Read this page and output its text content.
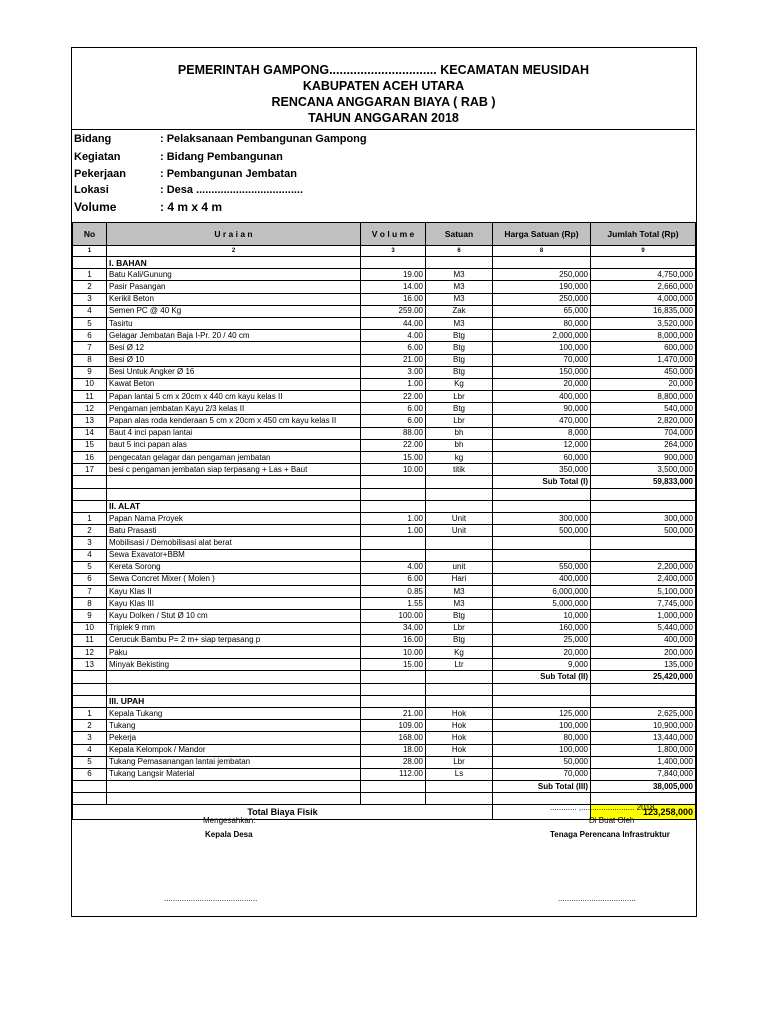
PEMERINTAH GAMPONG............................... KECAMATAN MEUSIDAH
KABUPATEN ACEH UTARA
RENCANA ANGGARAN BIAYA ( RAB )
TAHUN ANGGARAN 2018
Bidang	: Pelaksanaan Pembangunan Gampong
Kegiatan	: Bidang Pembangunan
Pekerjaan	: Pembangunan Jembatan
Lokasi	: Desa ...................................
Volume	: 4 m x 4 m
No	U r a i a n	V o l u m e	Satuan	Harga Satuan (Rp)	Jumlah Total (Rp)
1	2	3	6	8	9
	I. BAHAN				
1	Batu Kali/Gunung	19.00	M3	250,000	4,750,000
2	Pasir Pasangan	14.00	M3	190,000	2,660,000
3	Kerikil Beton	16.00	M3	250,000	4,000,000
4	Semen PC @ 40 Kg	259.00	Zak	65,000	16,835,000
5	Tasirtu	44.00	M3	80,000	3,520,000
6	Gelagar Jembatan Baja I-Pr. 20 / 40 cm	4.00	Btg	2,000,000	8,000,000
7	Besi Ø 12	6.00	Btg	100,000	600,000
8	Besi Ø 10	21.00	Btg	70,000	1,470,000
9	Besi Untuk Angker Ø 16	3.00	Btg	150,000	450,000
10	Kawat Beton	1.00	Kg	20,000	20,000
11	Papan lantai 5 cm x 20cm x 440 cm kayu kelas II	22.00	Lbr	400,000	8,800,000
12	Pengaman jembatan Kayu 2/3 kelas II	6.00	Btg	90,000	540,000
13	Papan alas roda kenderaan 5 cm x 20cm x 450 cm kayu kelas II	6.00	Lbr	470,000	2,820,000
14	Baut 4 inci papan lantai	88.00	bh	8,000	704,000
15	baut 5 inci papan alas	22.00	bh	12,000	264,000
16	pengecatan gelagar dan pengaman jembatan	15.00	kg	60,000	900,000
17	besi c pengaman jembatan siap terpasang + Las + Baut	10.00	titik	350,000	3,500,000
				Sub Total (I)	59,833,000

	II. ALAT				
1	Papan Nama Proyek	1.00	Unit	300,000	300,000
2	Batu Prasasti	1.00	Unit	500,000	500,000
3	Mobilisasi / Demobilisasi alat berat				
4	Sewa Exavator+BBM				
5	Kereta Sorong	4.00	unit	550,000	2,200,000
6	Sewa Concret Mixer ( Molen )	6.00	Hari	400,000	2,400,000
7	Kayu Klas II	0.85	M3	6,000,000	5,100,000
8	Kayu Klas III	1.55	M3	5,000,000	7,745,000
9	Kayu Dolken / Stut Ø 10 cm	100.00	Btg	10,000	1,000,000
10	Triplek 9 mm	34.00	Lbr	160,000	5,440,000
11	Cerucuk Bambu P= 2 m+ siap terpasang p	16.00	Btg	25,000	400,000
12	Paku	10.00	Kg	20,000	200,000
13	Minyak Bekisting	15.00	Ltr	9,000	135,000
				Sub Total (II)	25,420,000

	III. UPAH				
1	Kepala Tukang	21.00	Hok	125,000	2,625,000
2	Tukang	109.00	Hok	100,000	10,900,000
3	Pekerja	168.00	Hok	80,000	13,440,000
4	Kepala Kelompok / Mandor	18.00	Hok	100,000	1,800,000
5	Tukang Pemasanangan lantai jembatan	28.00	Lbr	50,000	1,400,000
6	Tukang Langsir Material	112.00	Ls	70,000	7,840,000
				Sub Total (III)	38,005,000

Total Biaya Fisik					123,258,000
............ ,........................ 2018
Mengesahkan:	Di Buat Oleh
Kepala Desa	Tenaga Perencana Infrastruktur
..........................................	...................................
